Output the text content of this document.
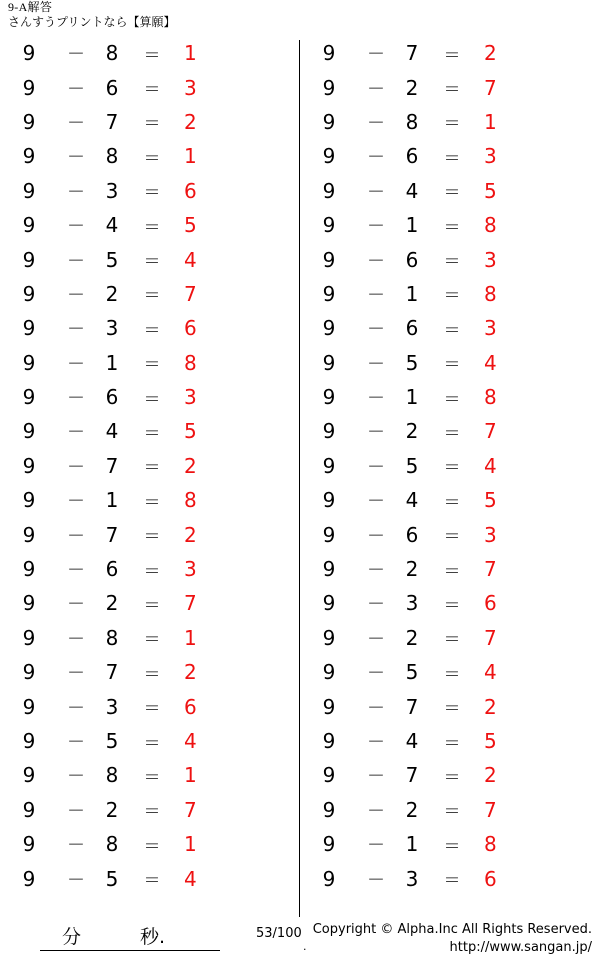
9-A解答
さんすうプリントなら【算願】
9	－	8	＝	1
9	－	6	＝	3
9	－	7	＝	2
9	－	8	＝	1
9	－	3	＝	6
9	－	4	＝	5
9	－	5	＝	4
9	－	2	＝	7
9	－	3	＝	6
9	－	1	＝	8
9	－	6	＝	3
9	－	4	＝	5
9	－	7	＝	2
9	－	1	＝	8
9	－	7	＝	2
9	－	6	＝	3
9	－	2	＝	7
9	－	8	＝	1
9	－	7	＝	2
9	－	3	＝	6
9	－	5	＝	4
9	－	8	＝	1
9	－	2	＝	7
9	－	8	＝	1
9	－	5	＝	4
9	－	7	＝	2
9	－	2	＝	7
9	－	8	＝	1
9	－	6	＝	3
9	－	4	＝	5
9	－	1	＝	8
9	－	6	＝	3
9	－	1	＝	8
9	－	6	＝	3
9	－	5	＝	4
9	－	1	＝	8
9	－	2	＝	7
9	－	5	＝	4
9	－	4	＝	5
9	－	6	＝	3
9	－	2	＝	7
9	－	3	＝	6
9	－	2	＝	7
9	－	5	＝	4
9	－	7	＝	2
9	－	4	＝	5
9	－	7	＝	2
9	－	2	＝	7
9	－	1	＝	8
9	－	3	＝	6
分	秒.	53/100
.
Copyright © Alpha.Inc All Rights Reserved.
http://www.sangan.jp/
